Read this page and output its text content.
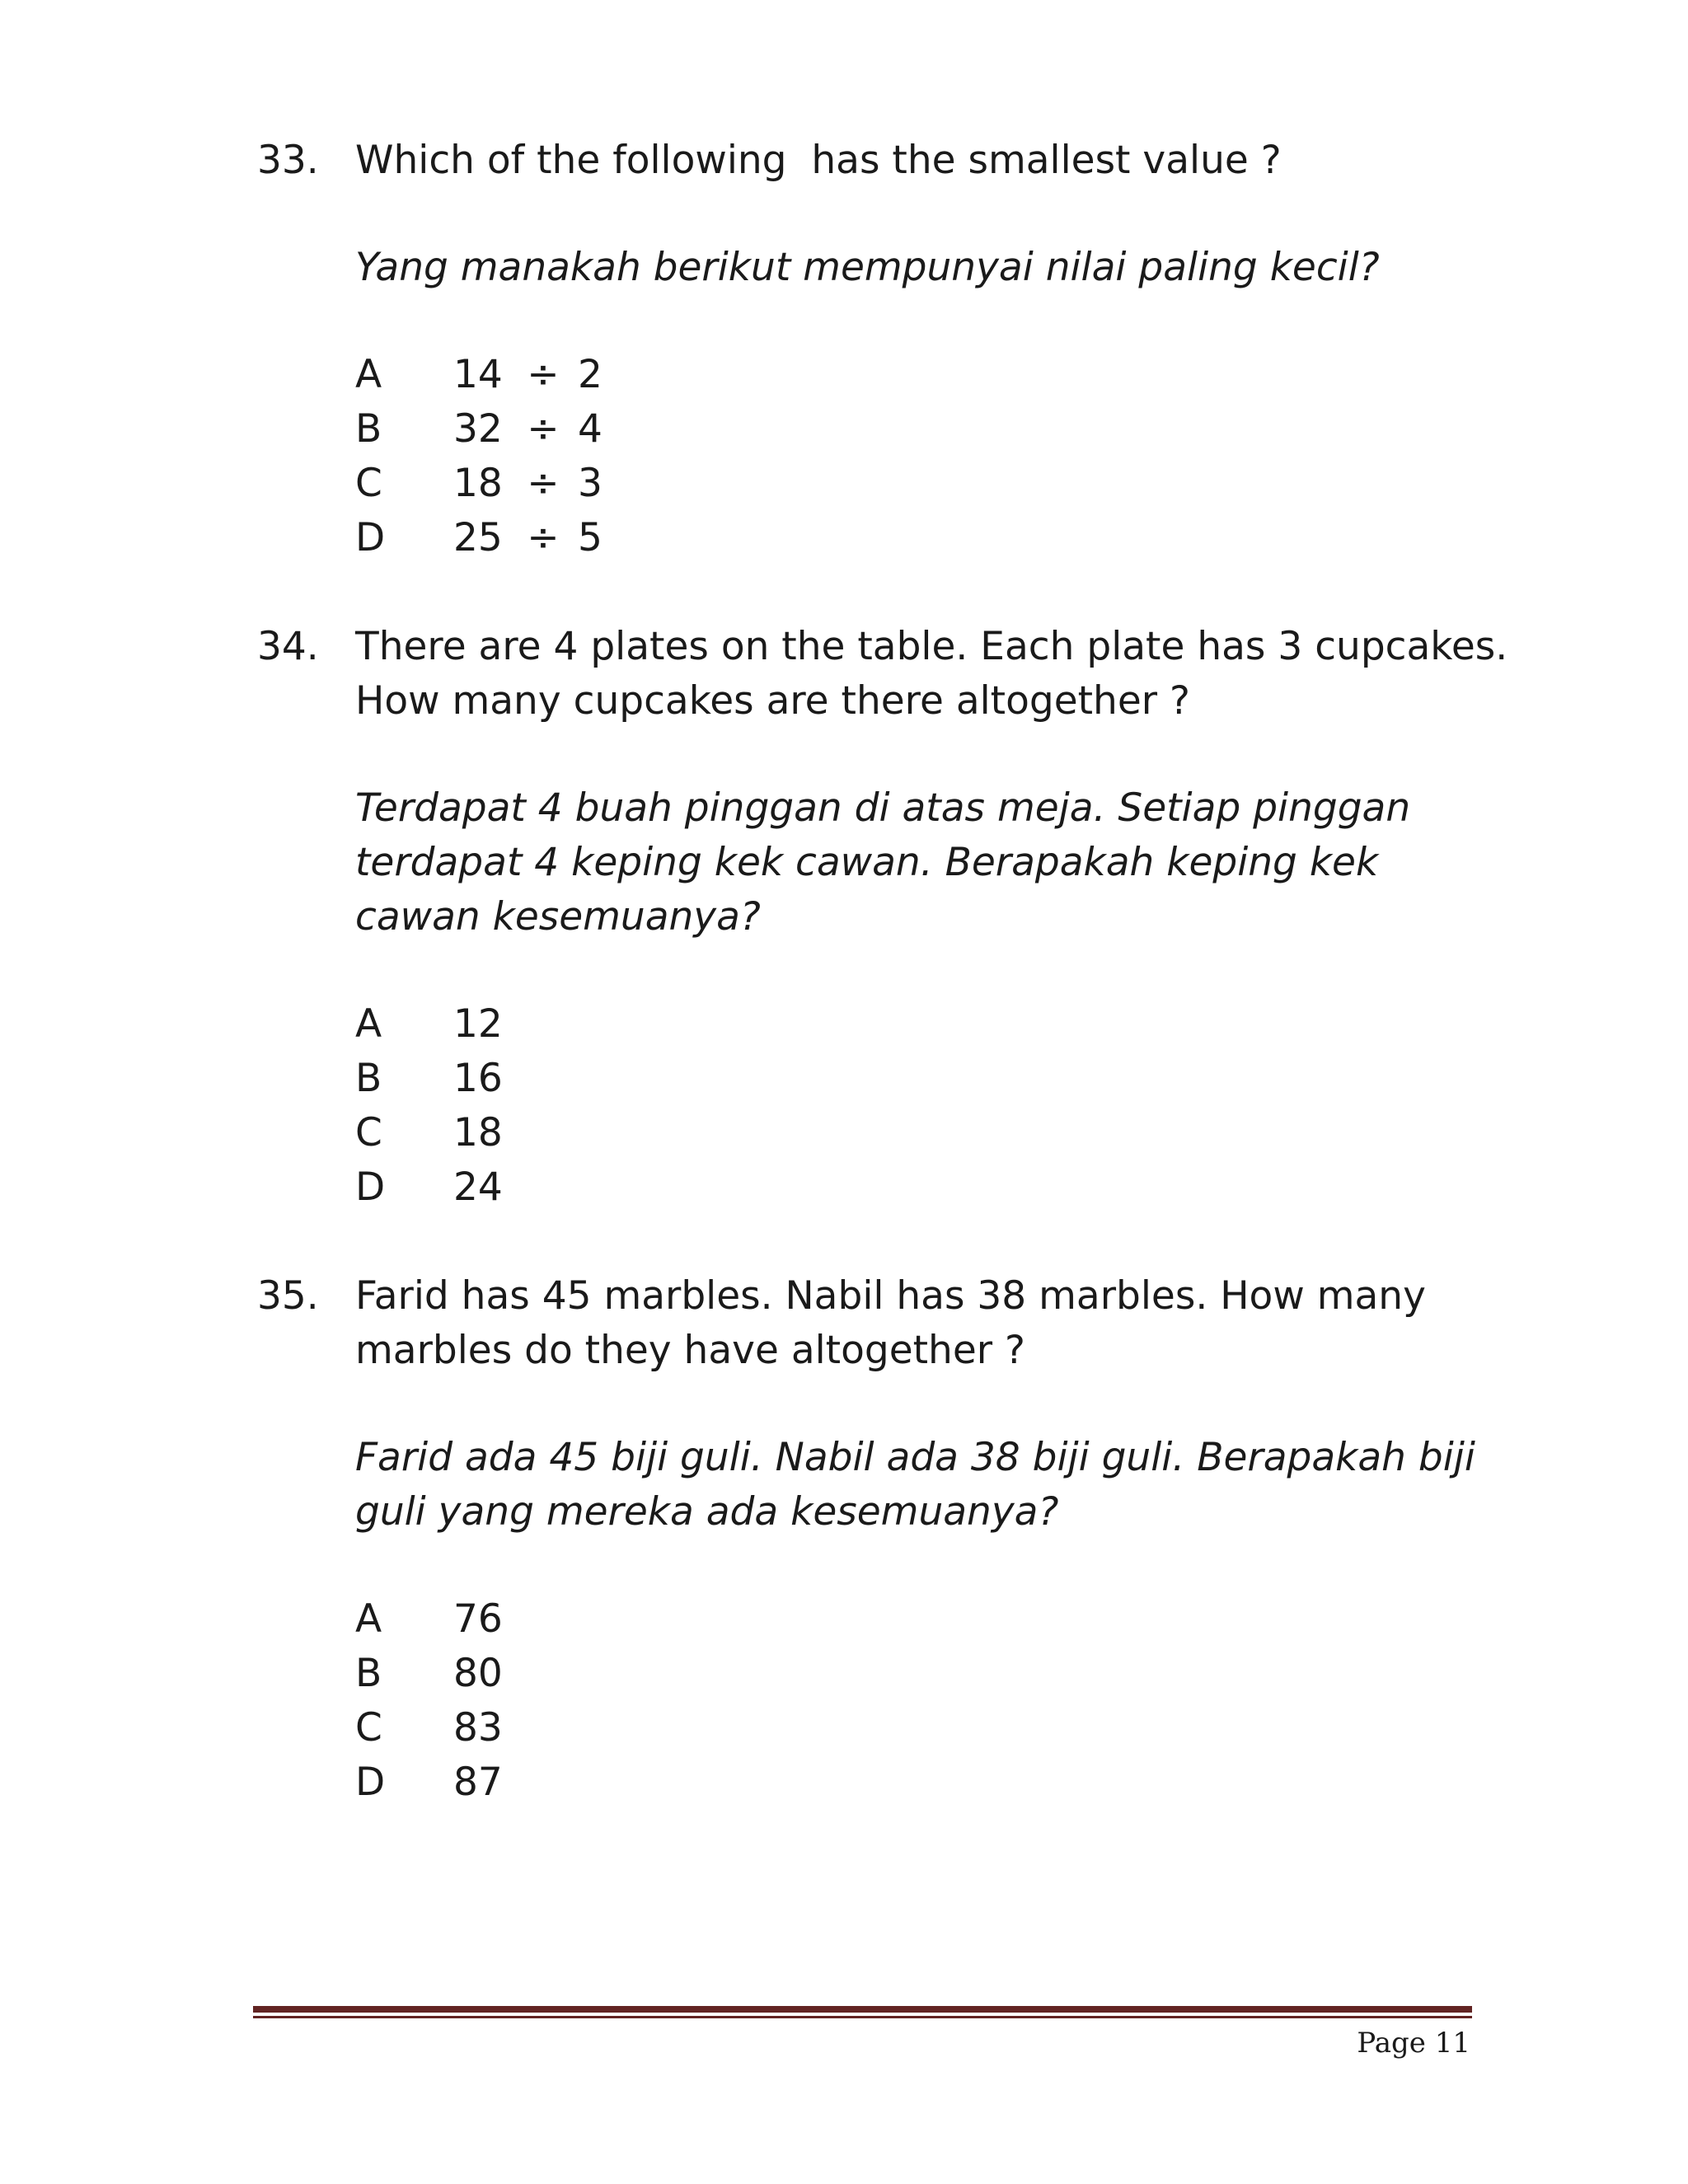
33. Which of the following  has the smallest value ?

Yang manakah berikut mempunyai nilai paling kecil?

A	14 ÷ 2
B	32 ÷ 4
C	18 ÷ 3
D	25 ÷ 5
34. There are 4 plates on the table. Each plate has 3 cupcakes.
How many cupcakes are there altogether ?

Terdapat 4 buah pinggan di atas meja. Setiap pinggan
terdapat 4 keping kek cawan. Berapakah keping kek
cawan kesemuanya?

A	12
B	16
C	18
D	24
35. Farid has 45 marbles. Nabil has 38 marbles. How many
marbles do they have altogether ?

Farid ada 45 biji guli. Nabil ada 38 biji guli. Berapakah biji
guli yang mereka ada kesemuanya?

A	76
B	80
C	83
D	87
Page 11
